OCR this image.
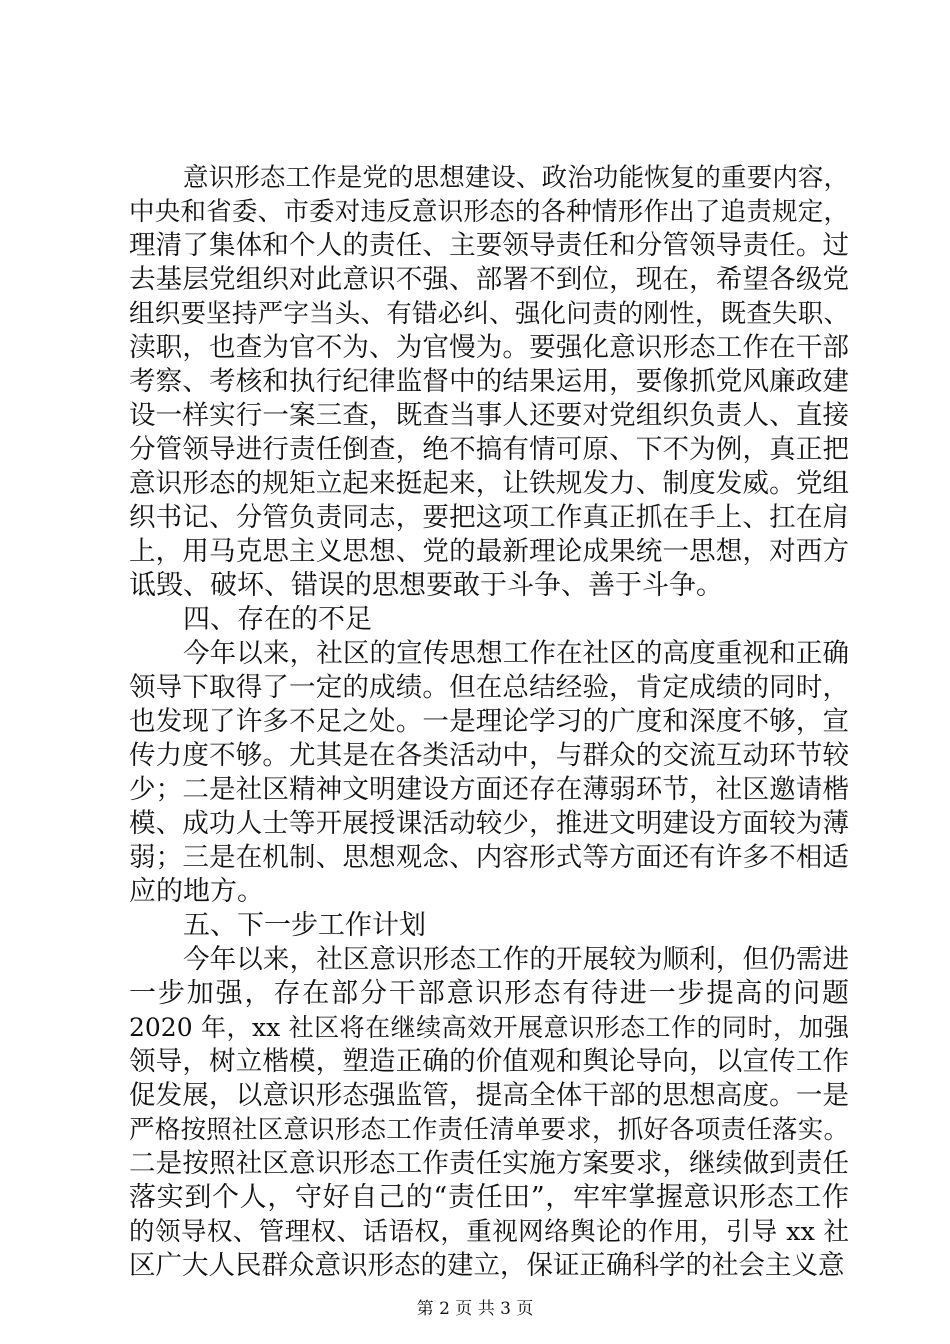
意识形态工作是党的思想建设、政治功能恢复的重要内容，
中央和省委、市委对违反意识形态的各种情形作出了追责规定，
理清了集体和个人的责任、主要领导责任和分管领导责任。过
去基层党组织对此意识不强、部署不到位，现在，希望各级党
组织要坚持严字当头、有错必纠、强化问责的刚性，既查失职、
渎职，也查为官不为、为官慢为。要强化意识形态工作在干部
考察、考核和执行纪律监督中的结果运用，要像抓党风廉政建
设一样实行一案三查，既查当事人还要对党组织负责人、直接
分管领导进行责任倒查，绝不搞有情可原、下不为例，真正把
意识形态的规矩立起来挺起来，让铁规发力、制度发威。党组
织书记、分管负责同志，要把这项工作真正抓在手上、扛在肩
上，用马克思主义思想、党的最新理论成果统一思想，对西方
诋毁、破坏、错误的思想要敢于斗争、善于斗争。
四、存在的不足
今年以来，社区的宣传思想工作在社区的高度重视和正确
领导下取得了一定的成绩。但在总结经验，肯定成绩的同时，
也发现了许多不足之处。一是理论学习的广度和深度不够，宣
传力度不够。尤其是在各类活动中，与群众的交流互动环节较
少；二是社区精神文明建设方面还存在薄弱环节，社区邀请楷
模、成功人士等开展授课活动较少，推进文明建设方面较为薄
弱；三是在机制、思想观念、内容形式等方面还有许多不相适
应的地方。
五、下一步工作计划
今年以来，社区意识形态工作的开展较为顺利，但仍需进
一步加强，存在部分干部意识形态有待进一步提高的问题
2020 年，xx 社区将在继续高效开展意识形态工作的同时，加强
领导，树立楷模，塑造正确的价值观和舆论导向，以宣传工作
促发展，以意识形态强监管，提高全体干部的思想高度。一是
严格按照社区意识形态工作责任清单要求，抓好各项责任落实。
二是按照社区意识形态工作责任实施方案要求，继续做到责任
落实到个人，守好自己的“责任田”，牢牢掌握意识形态工作
的领导权、管理权、话语权，重视网络舆论的作用，引导 xx 社
区广大人民群众意识形态的建立，保证正确科学的社会主义意
第 2 页 共 3 页
